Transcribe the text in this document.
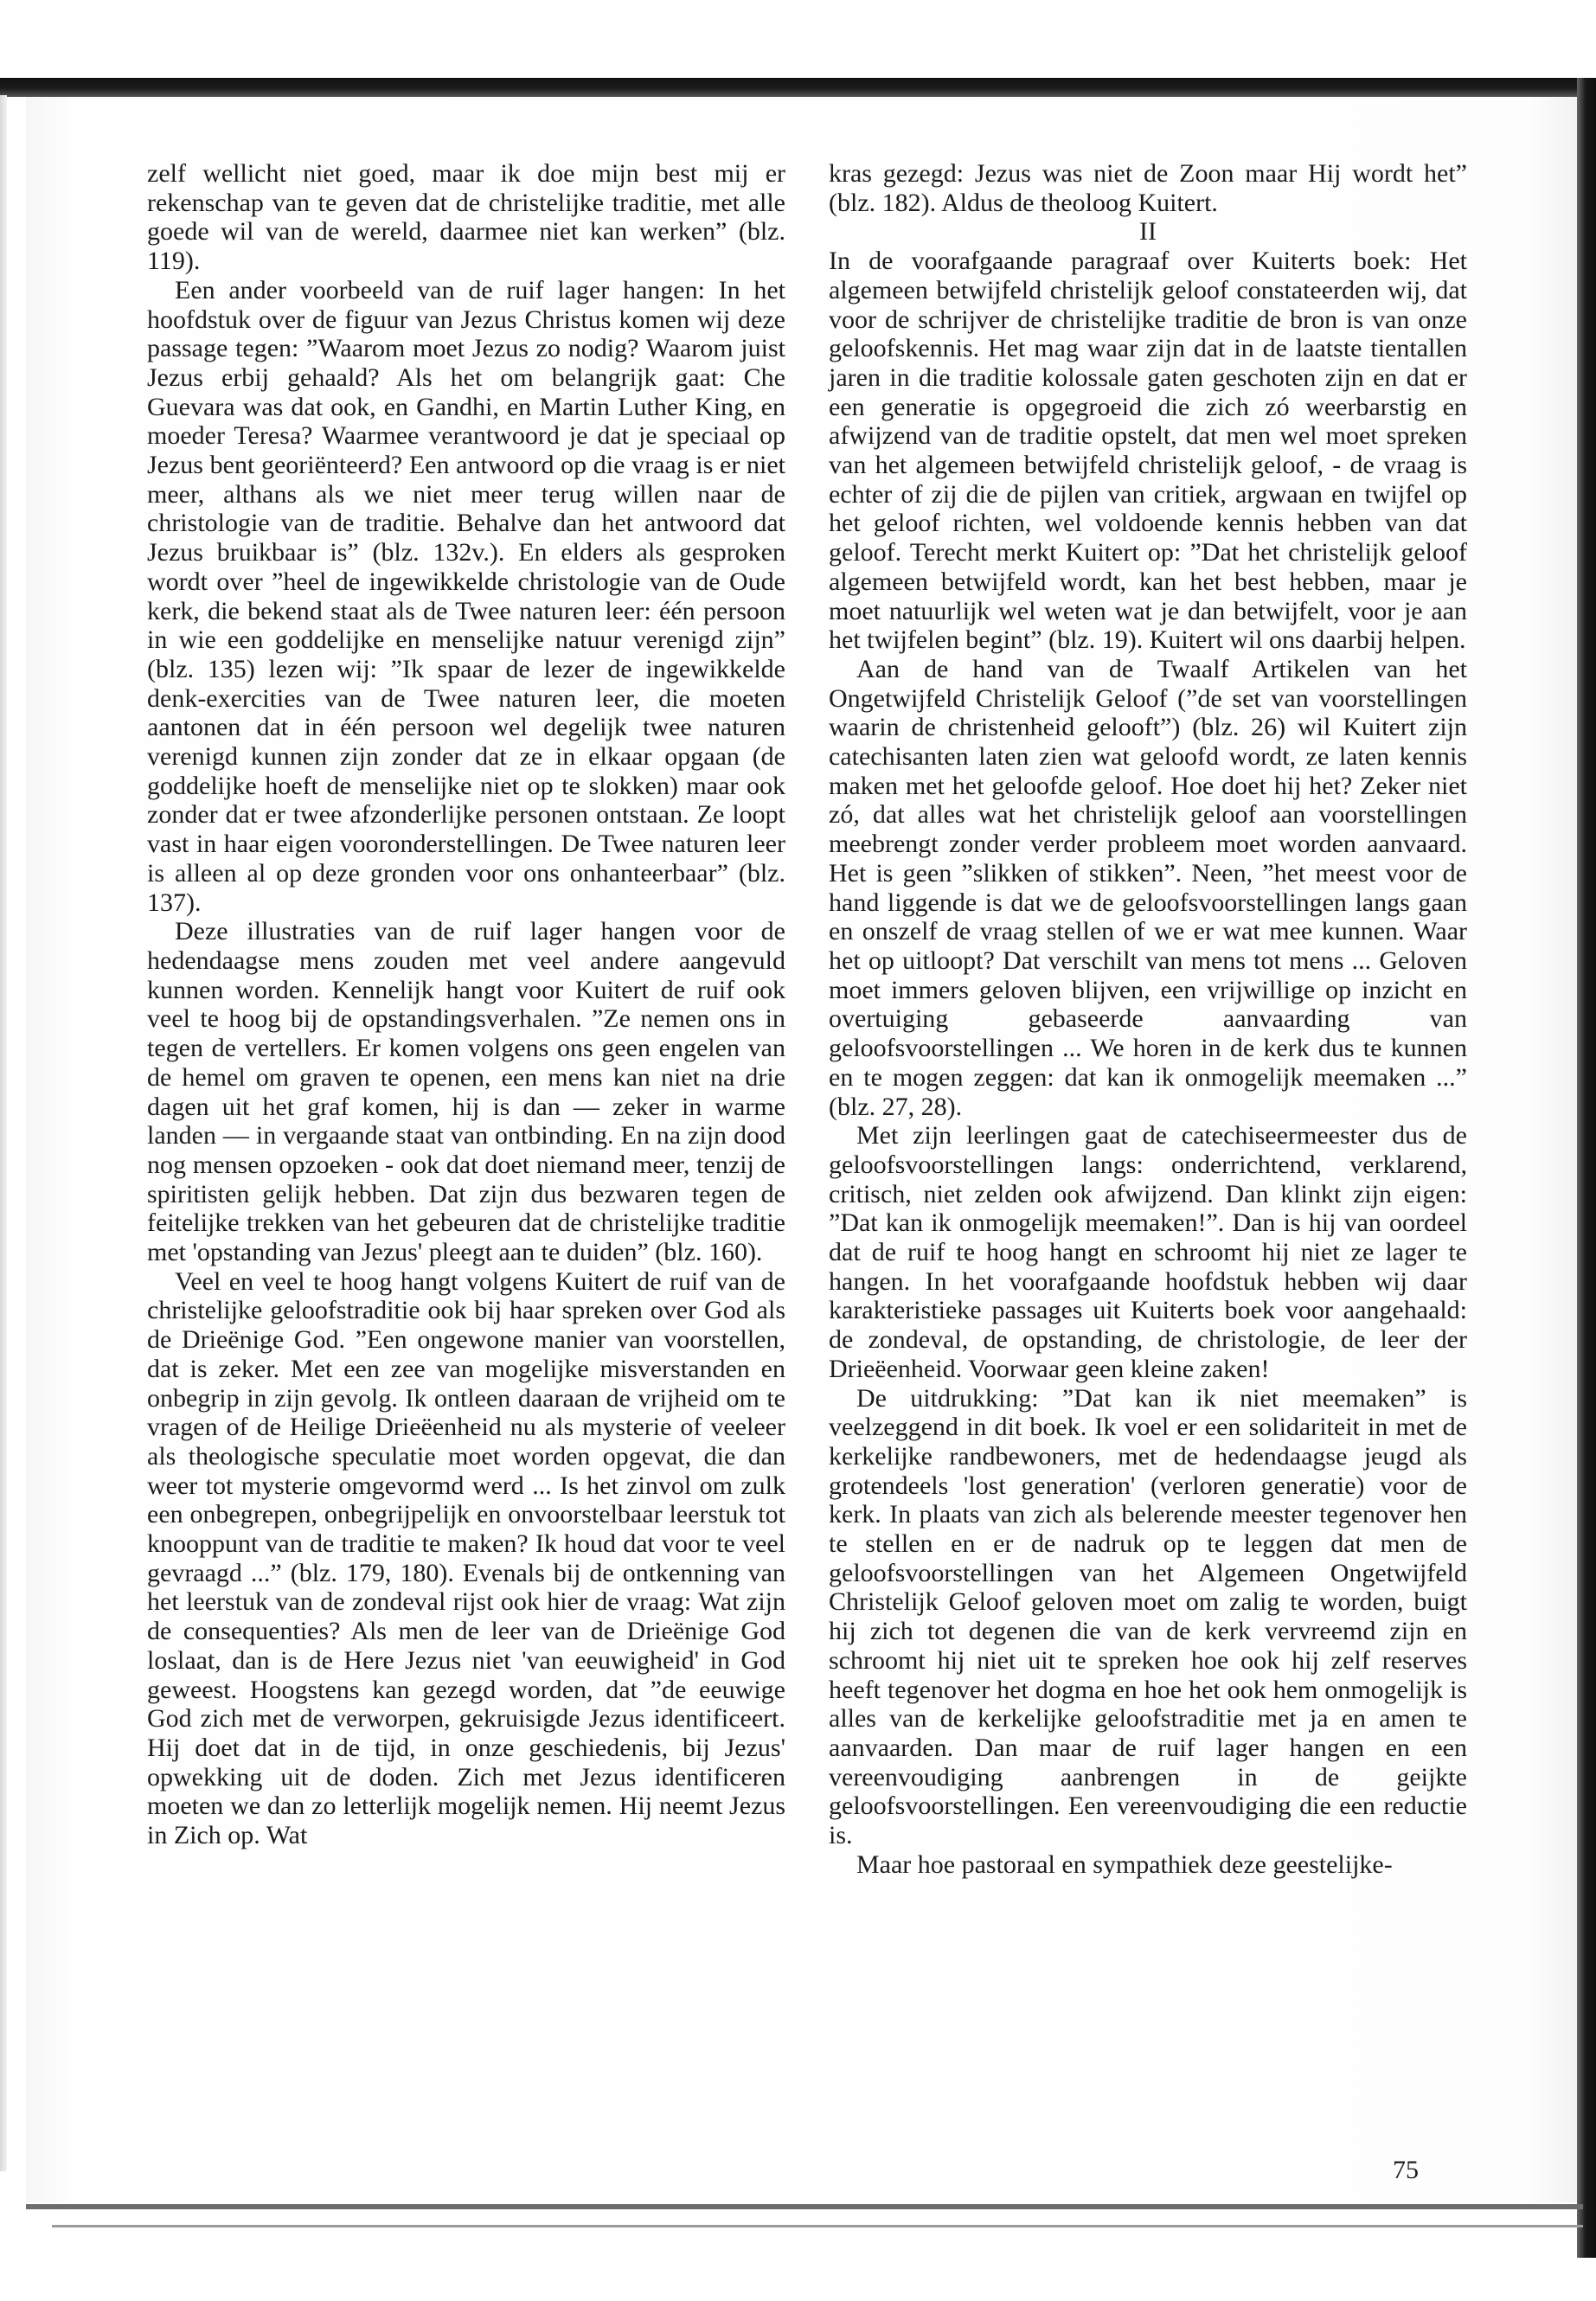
zelf wellicht niet goed, maar ik doe mijn best mij er rekenschap van te geven dat de christelijke traditie, met alle goede wil van de wereld, daarmee niet kan werken” (blz. 119).

Een ander voorbeeld van de ruif lager hangen: In het hoofdstuk over de figuur van Jezus Christus komen wij deze passage tegen: ”Waarom moet Jezus zo nodig? Waarom juist Jezus erbij gehaald? Als het om belangrijk gaat: Che Guevara was dat ook, en Gandhi, en Martin Luther King, en moeder Teresa? Waarmee verantwoord je dat je speciaal op Jezus bent georiënteerd? Een antwoord op die vraag is er niet meer, althans als we niet meer terug willen naar de christologie van de traditie. Behalve dan het antwoord dat Jezus bruikbaar is” (blz. 132v.). En elders als gesproken wordt over ”heel de ingewikkelde christologie van de Oude kerk, die bekend staat als de Twee naturen leer: één persoon in wie een goddelijke en menselijke natuur verenigd zijn” (blz. 135) lezen wij: ”Ik spaar de lezer de ingewikkelde denk-exercities van de Twee naturen leer, die moeten aantonen dat in één persoon wel degelijk twee naturen verenigd kunnen zijn zonder dat ze in elkaar opgaan (de goddelijke hoeft de menselijke niet op te slokken) maar ook zonder dat er twee afzonderlijke personen ontstaan. Ze loopt vast in haar eigen vooronderstellingen. De Twee naturen leer is alleen al op deze gronden voor ons onhanteerbaar” (blz. 137).

Deze illustraties van de ruif lager hangen voor de hedendaagse mens zouden met veel andere aangevuld kunnen worden. Kennelijk hangt voor Kuitert de ruif ook veel te hoog bij de opstandingsverhalen. ”Ze nemen ons in tegen de vertellers. Er komen volgens ons geen engelen van de hemel om graven te openen, een mens kan niet na drie dagen uit het graf komen, hij is dan — zeker in warme landen — in vergaande staat van ontbinding. En na zijn dood nog mensen opzoeken - ook dat doet niemand meer, tenzij de spiritisten gelijk hebben. Dat zijn dus bezwaren tegen de feitelijke trekken van het gebeuren dat de christelijke traditie met 'opstanding van Jezus' pleegt aan te duiden” (blz. 160).

Veel en veel te hoog hangt volgens Kuitert de ruif van de christelijke geloofstraditie ook bij haar spreken over God als de Drieënige God. ”Een ongewone manier van voorstellen, dat is zeker. Met een zee van mogelijke misverstanden en onbegrip in zijn gevolg. Ik ontleen daaraan de vrijheid om te vragen of de Heilige Drieëenheid nu als mysterie of veeleer als theologische speculatie moet worden opgevat, die dan weer tot mysterie omgevormd werd ... Is het zinvol om zulk een onbegrepen, onbegrijpelijk en onvoorstelbaar leerstuk tot knooppunt van de traditie te maken? Ik houd dat voor te veel gevraagd ...” (blz. 179, 180). Evenals bij de ontkenning van het leerstuk van de zondeval rijst ook hier de vraag: Wat zijn de consequenties? Als men de leer van de Drieënige God loslaat, dan is de Here Jezus niet 'van eeuwigheid' in God geweest. Hoogstens kan gezegd worden, dat ”de eeuwige God zich met de verworpen, gekruisigde Jezus identificeert. Hij doet dat in de tijd, in onze geschiedenis, bij Jezus' opwekking uit de doden. Zich met Jezus identificeren moeten we dan zo letterlijk mogelijk nemen. Hij neemt Jezus in Zich op. Wat

kras gezegd: Jezus was niet de Zoon maar Hij wordt het” (blz. 182). Aldus de theoloog Kuitert.

II

In de voorafgaande paragraaf over Kuiterts boek: Het algemeen betwijfeld christelijk geloof constateerden wij, dat voor de schrijver de christelijke traditie de bron is van onze geloofskennis. Het mag waar zijn dat in de laatste tientallen jaren in die traditie kolossale gaten geschoten zijn en dat er een generatie is opgegroeid die zich zó weerbarstig en afwijzend van de traditie opstelt, dat men wel moet spreken van het algemeen betwijfeld christelijk geloof, - de vraag is echter of zij die de pijlen van critiek, argwaan en twijfel op het geloof richten, wel voldoende kennis hebben van dat geloof. Terecht merkt Kuitert op: ”Dat het christelijk geloof algemeen betwijfeld wordt, kan het best hebben, maar je moet natuurlijk wel weten wat je dan betwijfelt, voor je aan het twijfelen begint” (blz. 19). Kuitert wil ons daarbij helpen.

Aan de hand van de Twaalf Artikelen van het Ongetwijfeld Christelijk Geloof (”de set van voorstellingen waarin de christenheid gelooft”) (blz. 26) wil Kuitert zijn catechisanten laten zien wat geloofd wordt, ze laten kennis maken met het geloofde geloof. Hoe doet hij het? Zeker niet zó, dat alles wat het christelijk geloof aan voorstellingen meebrengt zonder verder probleem moet worden aanvaard. Het is geen ”slikken of stikken”. Neen, ”het meest voor de hand liggende is dat we de geloofsvoorstellingen langs gaan en onszelf de vraag stellen of we er wat mee kunnen. Waar het op uitloopt? Dat verschilt van mens tot mens ... Geloven moet immers geloven blijven, een vrijwillige op inzicht en overtuiging gebaseerde aanvaarding van geloofsvoorstellingen ... We horen in de kerk dus te kunnen en te mogen zeggen: dat kan ik onmogelijk meemaken ...” (blz. 27, 28).

Met zijn leerlingen gaat de catechiseermeester dus de geloofsvoorstellingen langs: onderrichtend, verklarend, critisch, niet zelden ook afwijzend. Dan klinkt zijn eigen: ”Dat kan ik onmogelijk meemaken!”. Dan is hij van oordeel dat de ruif te hoog hangt en schroomt hij niet ze lager te hangen. In het voorafgaande hoofdstuk hebben wij daar karakteristieke passages uit Kuiterts boek voor aangehaald: de zondeval, de opstanding, de christologie, de leer der Drieëenheid. Voorwaar geen kleine zaken!

De uitdrukking: ”Dat kan ik niet meemaken” is veelzeggend in dit boek. Ik voel er een solidariteit in met de kerkelijke randbewoners, met de hedendaagse jeugd als grotendeels 'lost generation' (verloren generatie) voor de kerk. In plaats van zich als belerende meester tegenover hen te stellen en er de nadruk op te leggen dat men de geloofsvoorstellingen van het Algemeen Ongetwijfeld Christelijk Geloof geloven moet om zalig te worden, buigt hij zich tot degenen die van de kerk vervreemd zijn en schroomt hij niet uit te spreken hoe ook hij zelf reserves heeft tegenover het dogma en hoe het ook hem onmogelijk is alles van de kerkelijke geloofstraditie met ja en amen te aanvaarden. Dan maar de ruif lager hangen en een vereenvoudiging aanbrengen in de geijkte geloofsvoorstellingen. Een vereenvoudiging die een reductie is.

Maar hoe pastoraal en sympathiek deze geestelijke-

75
